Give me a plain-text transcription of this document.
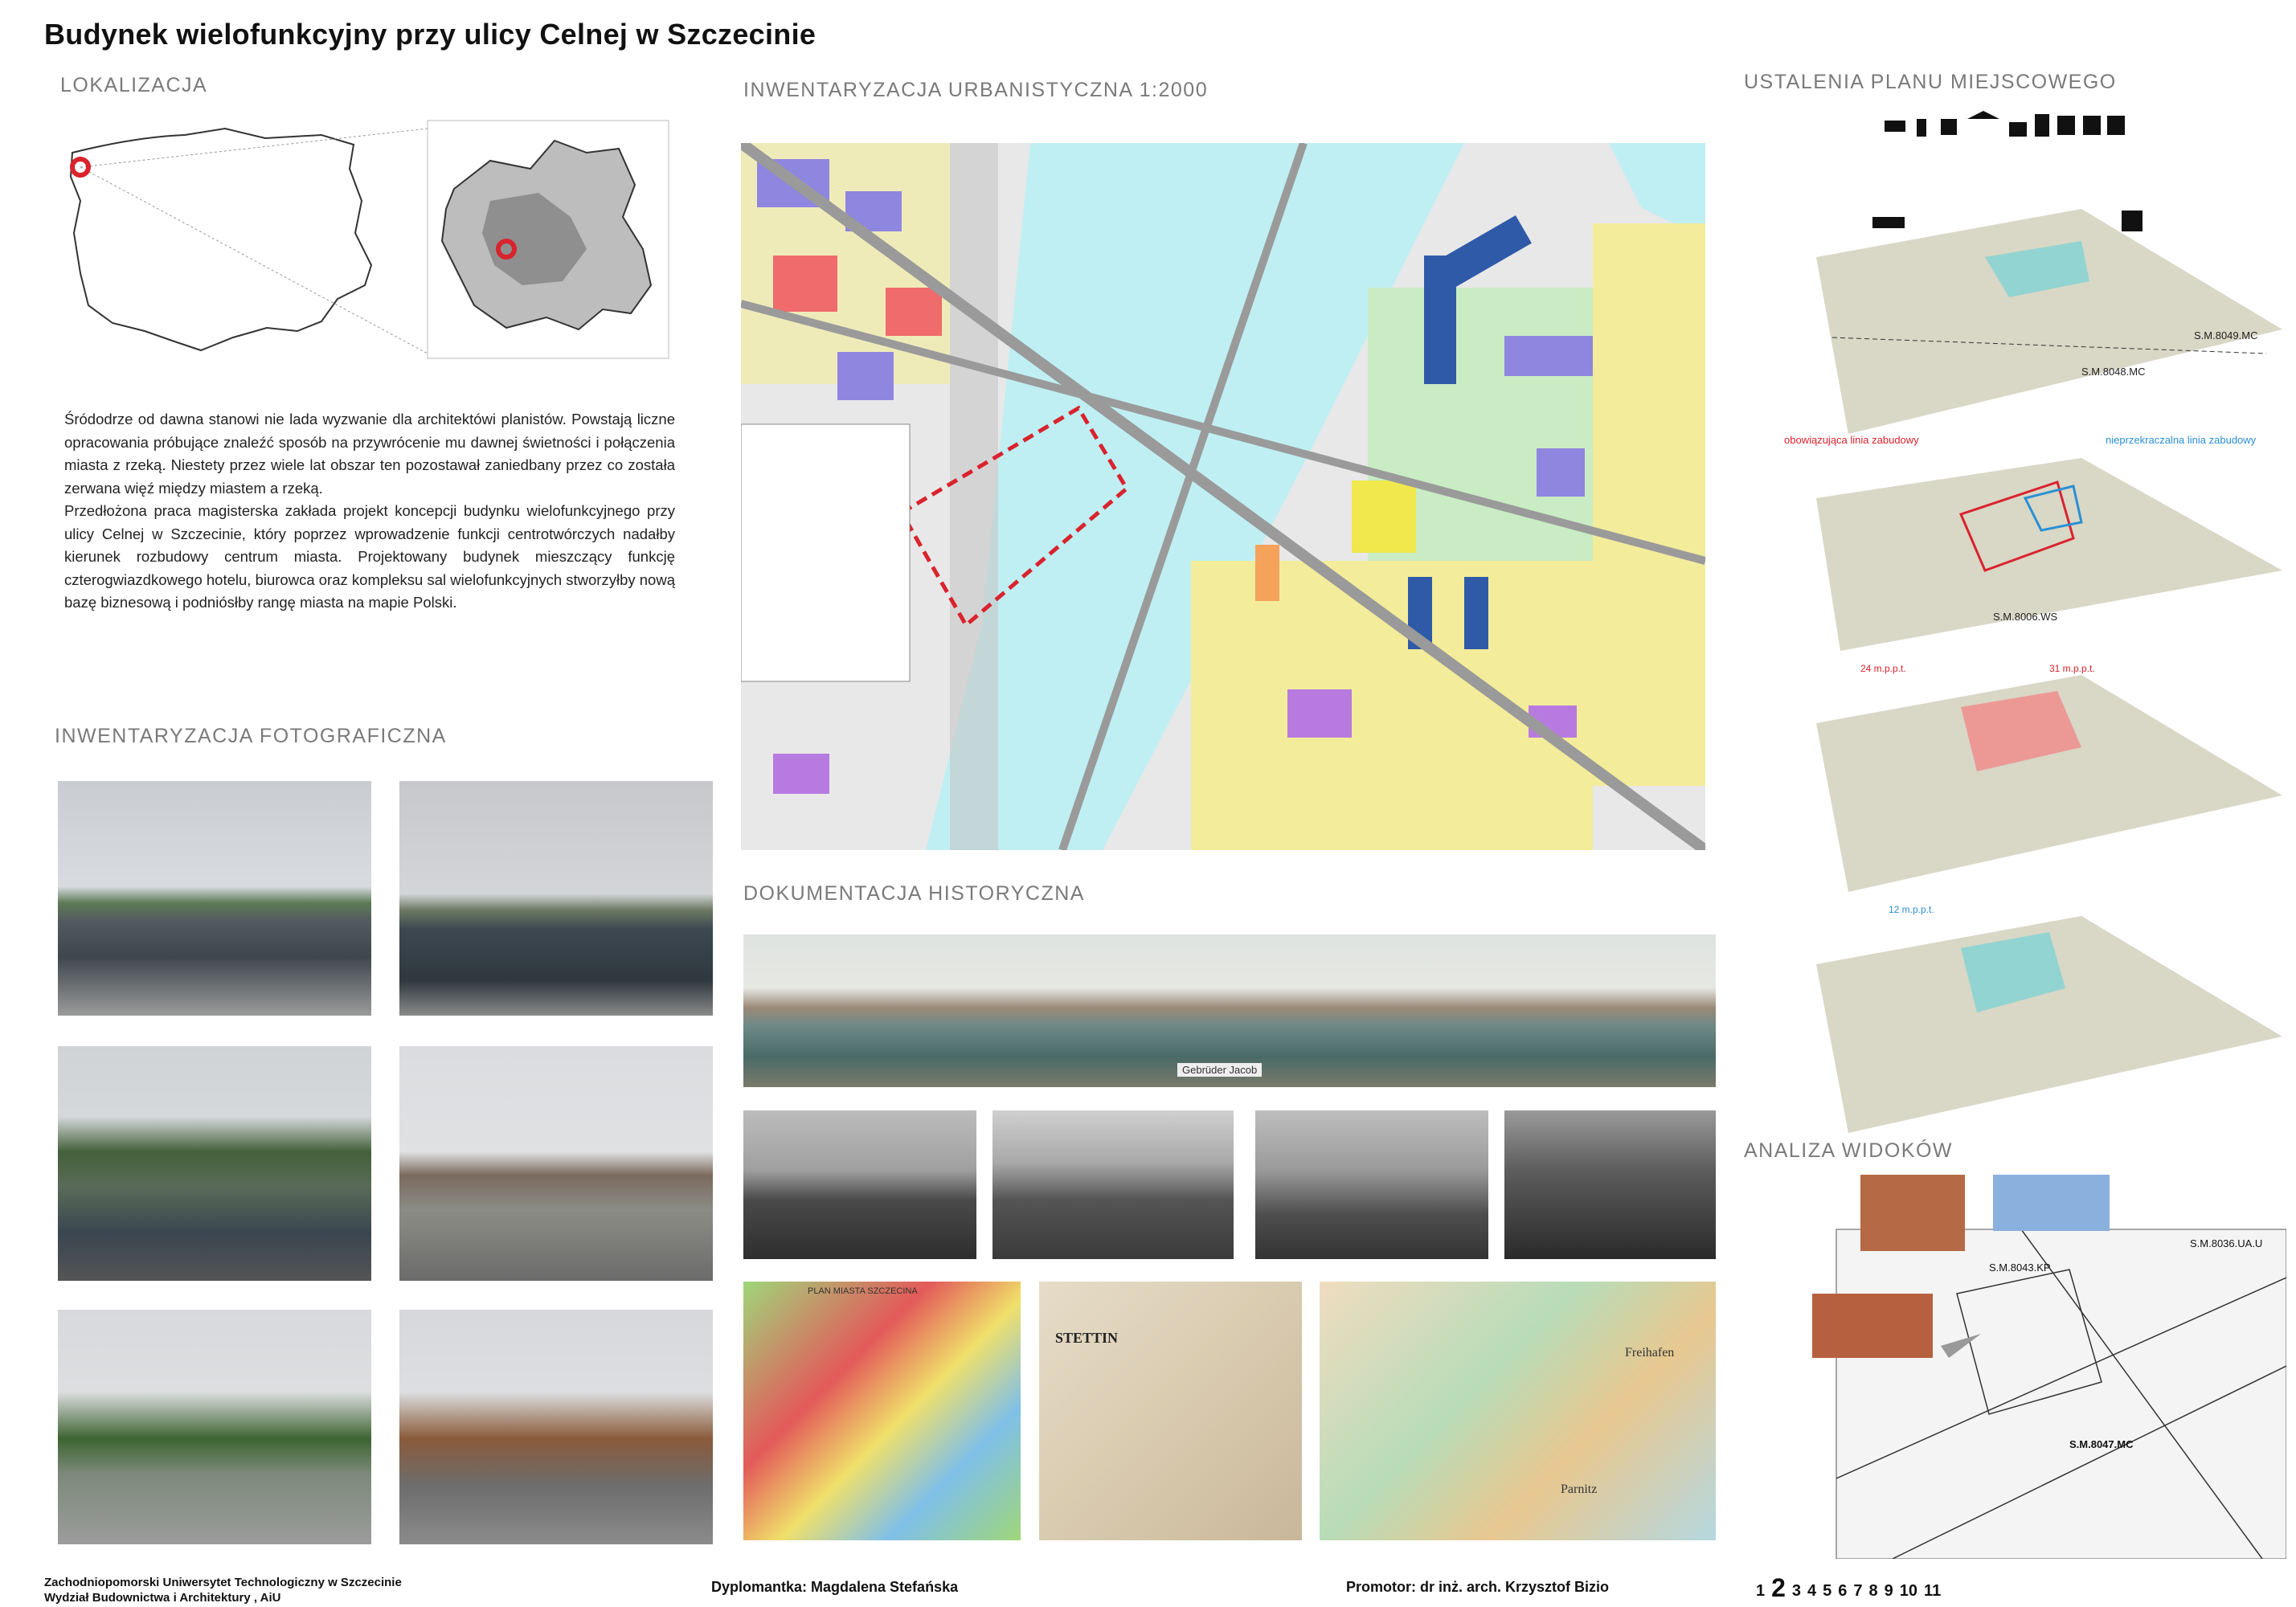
Budynek wielofunkcyjny przy ulicy Celnej w Szczecinie
LOKALIZACJA	INWENTARYZACJA URBANISTYCZNA 1:2000	USTALENIA PLANU MIEJSCOWEGO
INWENTARYZACJA FOTOGRAFICZNA
DOKUMENTACJA HISTORYCZNA
ANALIZA WIDOKÓW
Śródodrze od dawna stanowi nie lada wyzwanie dla architektówi planistów. Powstają liczne opracowania próbujące znaleźć sposób na przywrócenie mu dawnej świetności i połączenia miasta z rzeką. Niestety przez wiele lat obszar ten pozostawał zaniedbany przez co została zerwana więź między miastem a rzeką.
Przedłożona praca magisterska zakłada projekt koncepcji budynku wielofunkcyjnego przy ulicy Celnej w Szczecinie, który poprzez wprowadzenie funkcji centrotwórczych nadałby kierunek rozbudowy centrum miasta. Projektowany budynek mieszczący funkcję czterogwiazdkowego hotelu, biurowca oraz kompleksu sal wielofunkcyjnych stworzyłby nową bazę biznesową i podniósłby rangę miasta na mapie Polski.
S.M.8048.MC
S.M.8049.MC
obowiązująca linia zabudowy	nieprzekraczalna linia zabudowy
S.M.8006.WS
24 m.p.p.t.	31 m.p.p.t.
12 m.p.p.t.
S.M.8047.MC
S.M.8036.UA.U
S.M.8043.KP
Gebrüder Jacob
PLAN MIASTA SZCZECINA
STETTIN
Freihafen
Parnitz
Zachodniopomorski Uniwersytet Technologiczny w Szczecinie
Wydział Budownictwa i Architektury , AiU
Dyplomantka: Magdalena Stefańska	Promotor: dr inż. arch. Krzysztof Bizio	1 2 3 4 5 6 7 8 9 10 11
